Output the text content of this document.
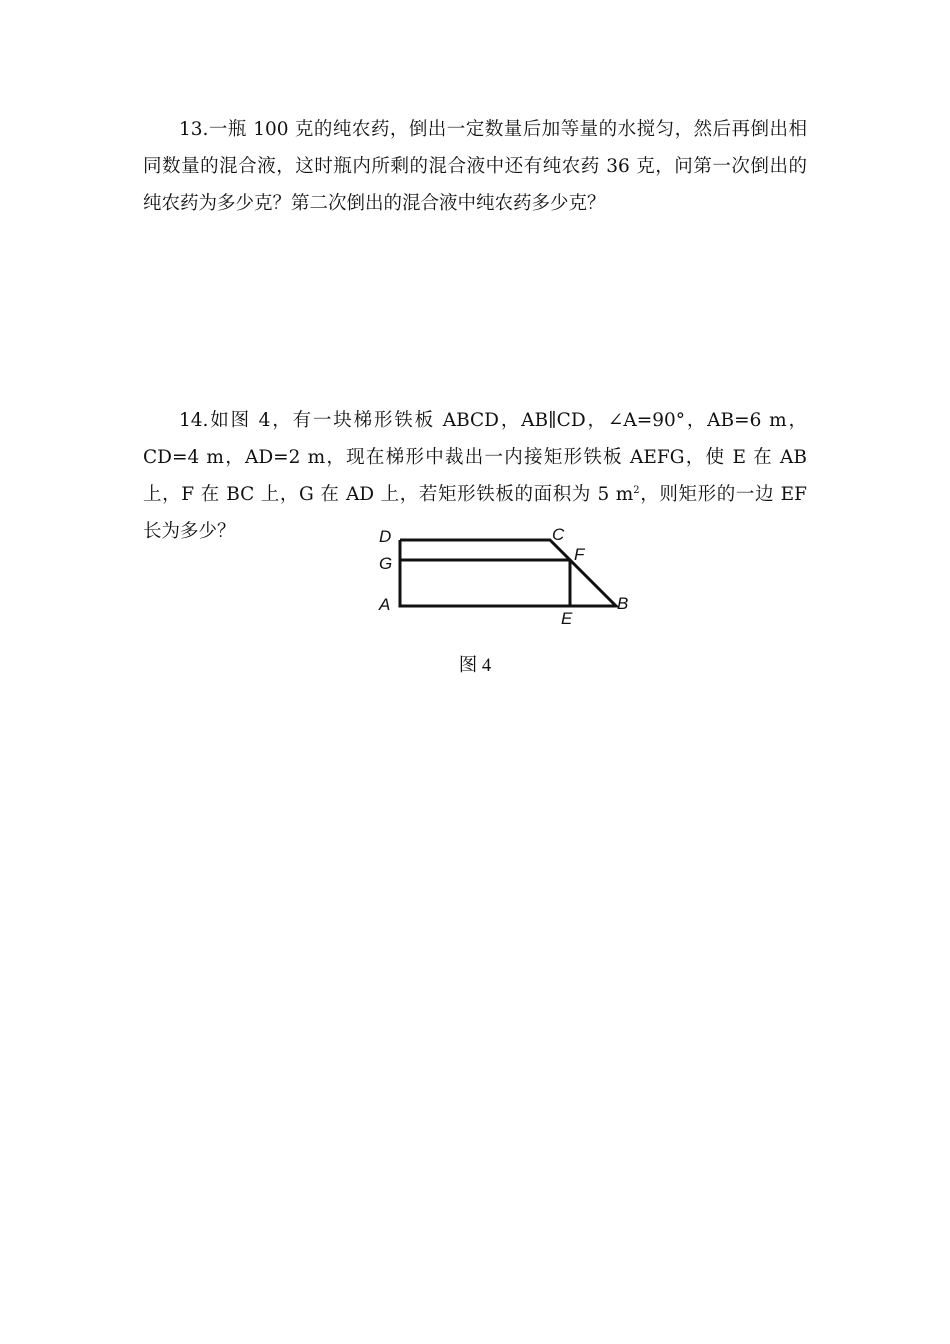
13.一瓶 100 克的纯农药，倒出一定数量后加等量的水搅匀，然后再倒出相同数量的混合液，这时瓶内所剩的混合液中还有纯农药 36 克，问第一次倒出的纯农药为多少克？第二次倒出的混合液中纯农药多少克？

14.如图 4，有一块梯形铁板 ABCD，AB∥CD，∠A=90°，AB=6 m，CD=4 m，AD=2 m，现在梯形中裁出一内接矩形铁板 AEFG，使 E 在 AB 上，F 在 BC 上，G 在 AD 上，若矩形铁板的面积为 5 $m^2$，则矩形的一边 EF 长为多少？	D
G
A
C
F
E
B
图 4
